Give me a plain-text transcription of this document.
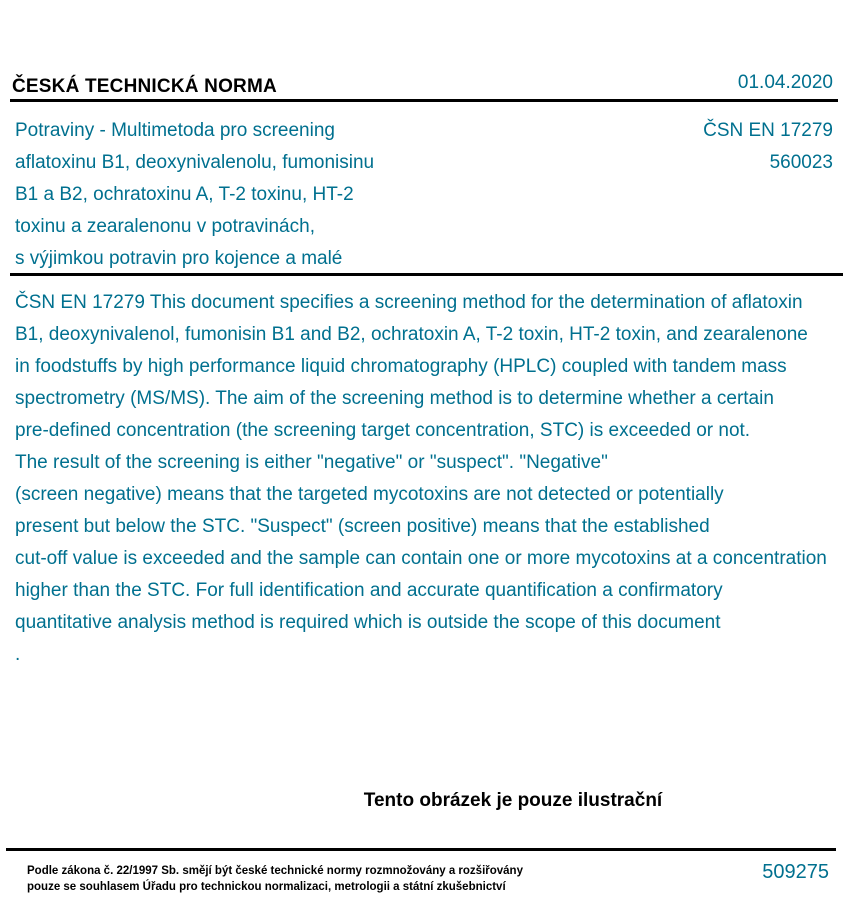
ČESKÁ TECHNICKÁ NORMA	01.04.2020
Potraviny - Multimetoda pro screening
aflatoxinu B1, deoxynivalenolu, fumonisinu
B1 a B2, ochratoxinu A, T-2 toxinu, HT-2
toxinu a zearalenonu v potravinách,
s výjimkou potravin pro kojence a malé
ČSN EN 17279
560023
ČSN EN 17279 This document specifies a screening method for the determination of aflatoxin
B1, deoxynivalenol, fumonisin B1 and B2, ochratoxin A, T-2 toxin, HT-2 toxin, and zearalenone
in foodstuffs by high performance liquid chromatography (HPLC) coupled with tandem mass
spectrometry (MS/MS). The aim of the screening method is to determine whether a certain
pre-defined concentration (the screening target concentration, STC) is exceeded or not.
The result of the screening is either "negative" or "suspect". "Negative"
(screen negative) means that the targeted mycotoxins are not detected or potentially
present but below the STC. "Suspect" (screen positive) means that the established
cut-off value is exceeded and the sample can contain one or more mycotoxins at a concentration
higher than the STC. For full identification and accurate quantification a confirmatory
quantitative analysis method is required which is outside the scope of this document
.
Tento obrázek je pouze ilustrační
Podle zákona č. 22/1997 Sb. smějí být české technické normy rozmnožovány a rozšiřovány
pouze se souhlasem Úřadu pro technickou normalizaci, metrologii a státní zkušebnictví
509275
